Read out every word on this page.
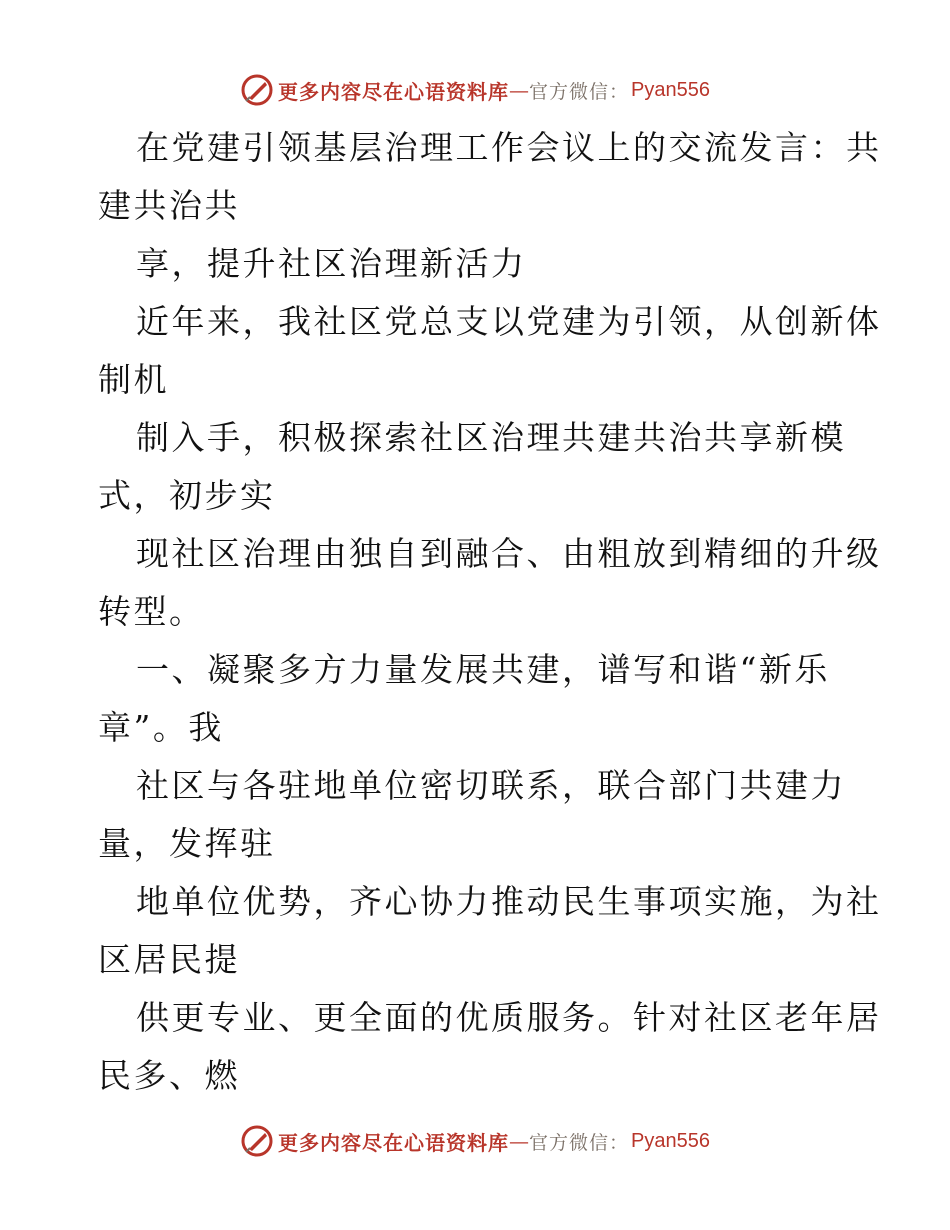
更多内容尽在心语资料库 — 官方微信： Pyan556
在党建引领基层治理工作会议上的交流发言：共
建共治共
享，提升社区治理新活力
近年来，我社区党总支以党建为引领，从创新体
制机
制入手，积极探索社区治理共建共治共享新模
式，初步实
现社区治理由独自到融合、由粗放到精细的升级
转型。
一、凝聚多方力量发展共建，谱写和谐“新乐
章”。我
社区与各驻地单位密切联系，联合部门共建力
量，发挥驻
地单位优势，齐心协力推动民生事项实施，为社
区居民提
供更专业、更全面的优质服务。针对社区老年居
民多、燃
更多内容尽在心语资料库 — 官方微信： Pyan556
